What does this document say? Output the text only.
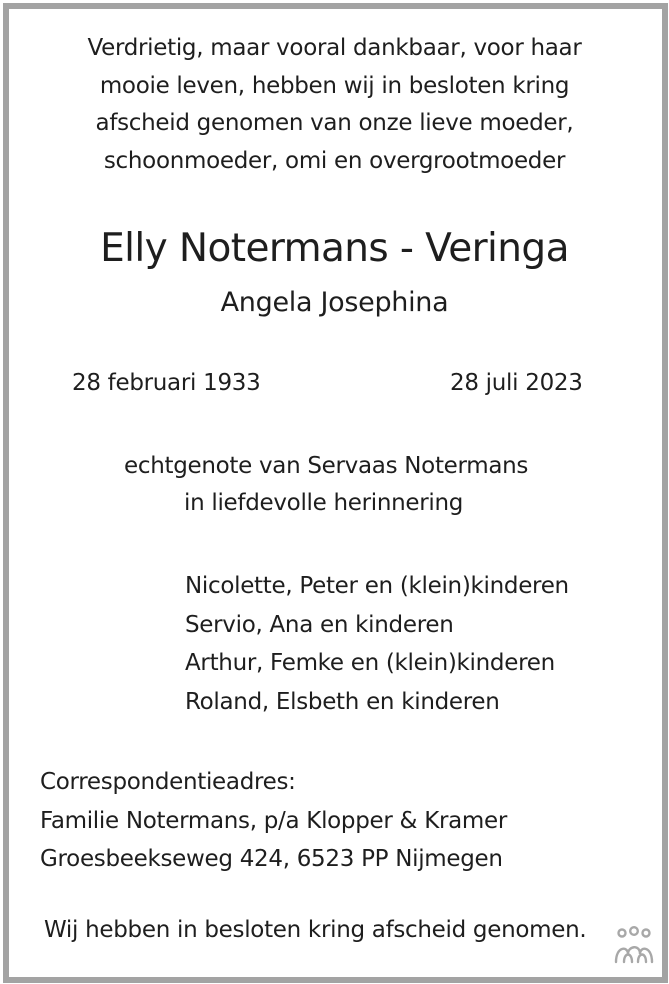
Verdrietig, maar vooral dankbaar, voor haar
mooie leven, hebben wij in besloten kring
afscheid genomen van onze lieve moeder,
schoonmoeder, omi en overgrootmoeder
Elly Notermans - Veringa
Angela Josephina
28 februari 1933	28 juli 2023
echtgenote van Servaas Notermans
in liefdevolle herinnering
Nicolette, Peter en (klein)kinderen
Servio, Ana en kinderen
Arthur, Femke en (klein)kinderen
Roland, Elsbeth en kinderen
Correspondentieadres:
Familie Notermans, p/a Klopper & Kramer
Groesbeekseweg 424, 6523 PP Nijmegen
Wij hebben in besloten kring afscheid genomen.
